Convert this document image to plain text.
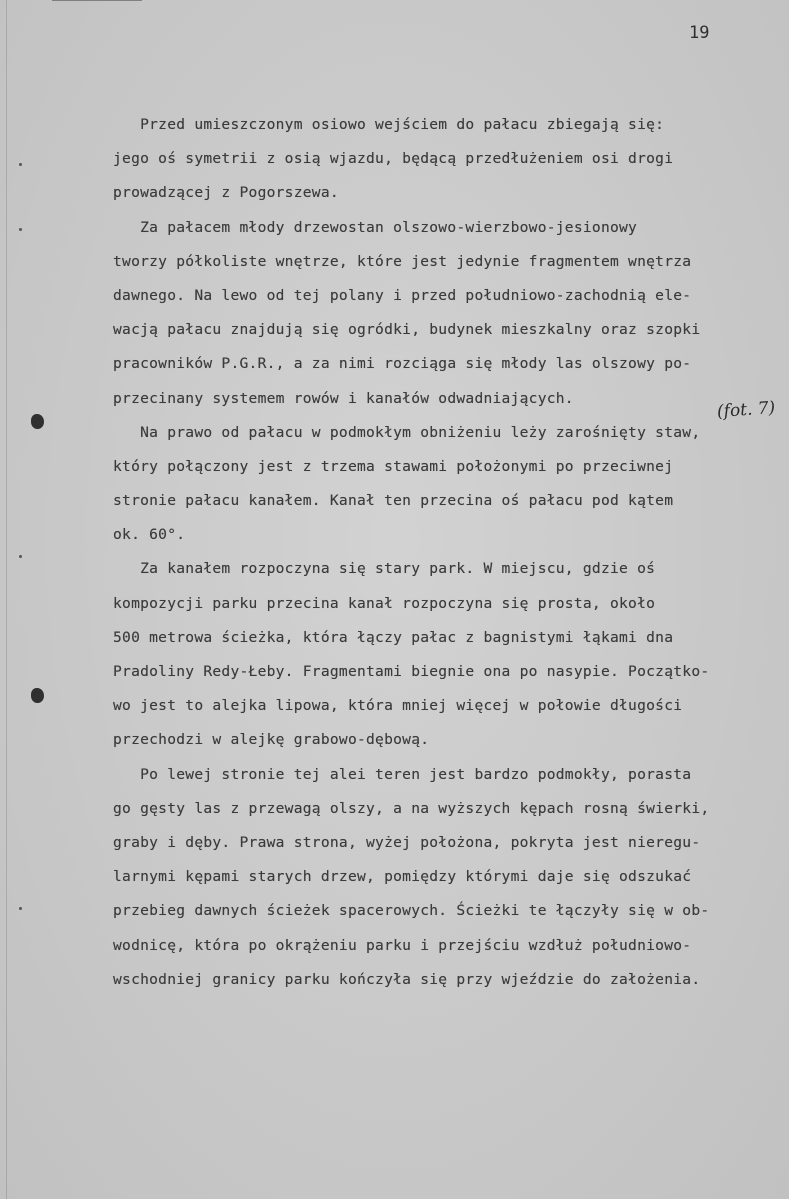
19
(fot. 7)
Przed umieszczonym osiowo wejściem do pałacu zbiegają się:
jego oś symetrii z osią wjazdu, będącą przedłużeniem osi drogi
prowadzącej z Pogorszewa.
Za pałacem młody drzewostan olszowo-wierzbowo-jesionowy
tworzy półkoliste wnętrze, które jest jedynie fragmentem wnętrza
dawnego. Na lewo od tej polany i przed południowo-zachodnią ele-
wacją pałacu znajdują się ogródki, budynek mieszkalny oraz szopki
pracowników P.G.R., a za nimi rozciąga się młody las olszowy po-
przecinany systemem rowów i kanałów odwadniających.
Na prawo od pałacu w podmokłym obniżeniu leży zarośnięty staw,
który połączony jest z trzema stawami położonymi po przeciwnej
stronie pałacu kanałem. Kanał ten przecina oś pałacu pod kątem
ok. 60°.
Za kanałem rozpoczyna się stary park. W miejscu, gdzie oś
kompozycji parku przecina kanał rozpoczyna się prosta, około
500 metrowa ścieżka, która łączy pałac z bagnistymi łąkami dna
Pradoliny Redy-Łeby. Fragmentami biegnie ona po nasypie. Początko-
wo jest to alejka lipowa, która mniej więcej w połowie długości
przechodzi w alejkę grabowo-dębową.
Po lewej stronie tej alei teren jest bardzo podmokły, porasta
go gęsty las z przewagą olszy, a na wyższych kępach rosną świerki,
graby i dęby. Prawa strona, wyżej położona, pokryta jest nieregu-
larnymi kępami starych drzew, pomiędzy którymi daje się odszukać
przebieg dawnych ścieżek spacerowych. Ścieżki te łączyły się w ob-
wodnicę, która po okrążeniu parku i przejściu wzdłuż południowo-
wschodniej granicy parku kończyła się przy wjeździe do założenia.
